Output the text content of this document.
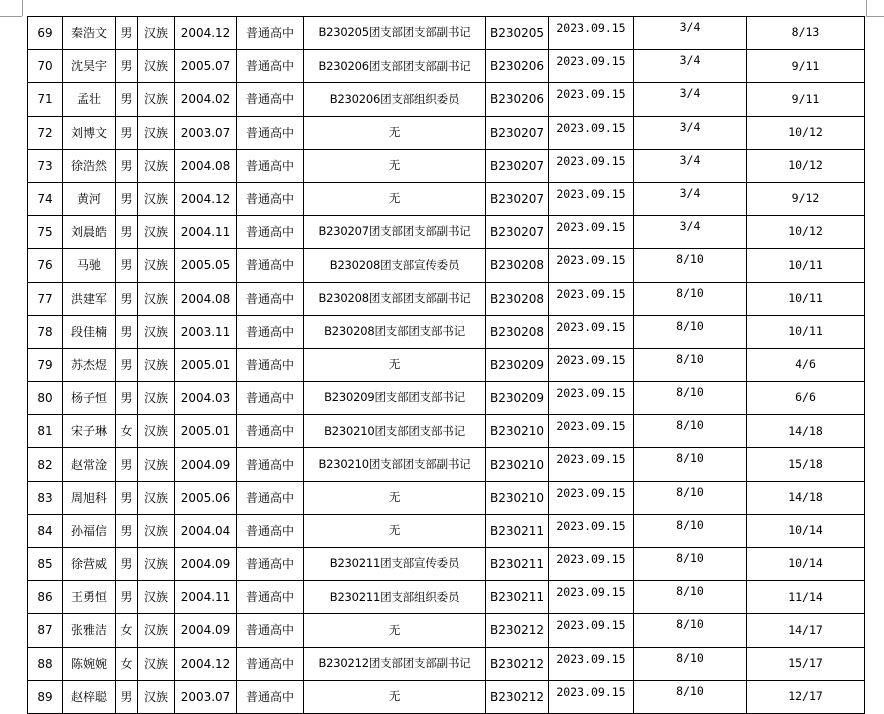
69	秦浩文	男	汉族	2004.12	普通高中	B230205团支部团支部副书记	B230205	2023.09.15	3/4	8/13
70	沈昊宇	男	汉族	2005.07	普通高中	B230206团支部团支部副书记	B230206	2023.09.15	3/4	9/11
71	孟壮	男	汉族	2004.02	普通高中	B230206团支部组织委员	B230206	2023.09.15	3/4	9/11
72	刘博文	男	汉族	2003.07	普通高中	无	B230207	2023.09.15	3/4	10/12
73	徐浩然	男	汉族	2004.08	普通高中	无	B230207	2023.09.15	3/4	10/12
74	黄河	男	汉族	2004.12	普通高中	无	B230207	2023.09.15	3/4	9/12
75	刘晨皓	男	汉族	2004.11	普通高中	B230207团支部团支部副书记	B230207	2023.09.15	3/4	10/12
76	马驰	男	汉族	2005.05	普通高中	B230208团支部宣传委员	B230208	2023.09.15	8/10	10/11
77	洪建军	男	汉族	2004.08	普通高中	B230208团支部团支部副书记	B230208	2023.09.15	8/10	10/11
78	段佳楠	男	汉族	2003.11	普通高中	B230208团支部团支部书记	B230208	2023.09.15	8/10	10/11
79	苏杰煜	男	汉族	2005.01	普通高中	无	B230209	2023.09.15	8/10	4/6
80	杨子恒	男	汉族	2004.03	普通高中	B230209团支部团支部书记	B230209	2023.09.15	8/10	6/6
81	宋子琳	女	汉族	2005.01	普通高中	B230210团支部团支部书记	B230210	2023.09.15	8/10	14/18
82	赵常淦	男	汉族	2004.09	普通高中	B230210团支部团支部副书记	B230210	2023.09.15	8/10	15/18
83	周旭科	男	汉族	2005.06	普通高中	无	B230210	2023.09.15	8/10	14/18
84	孙福信	男	汉族	2004.04	普通高中	无	B230211	2023.09.15	8/10	10/14
85	徐营威	男	汉族	2004.09	普通高中	B230211团支部宣传委员	B230211	2023.09.15	8/10	10/14
86	王勇恒	男	汉族	2004.11	普通高中	B230211团支部组织委员	B230211	2023.09.15	8/10	11/14
87	张雅洁	女	汉族	2004.09	普通高中	无	B230212	2023.09.15	8/10	14/17
88	陈婉婉	女	汉族	2004.12	普通高中	B230212团支部团支部副书记	B230212	2023.09.15	8/10	15/17
89	赵梓聪	男	汉族	2003.07	普通高中	无	B230212	2023.09.15	8/10	12/17
